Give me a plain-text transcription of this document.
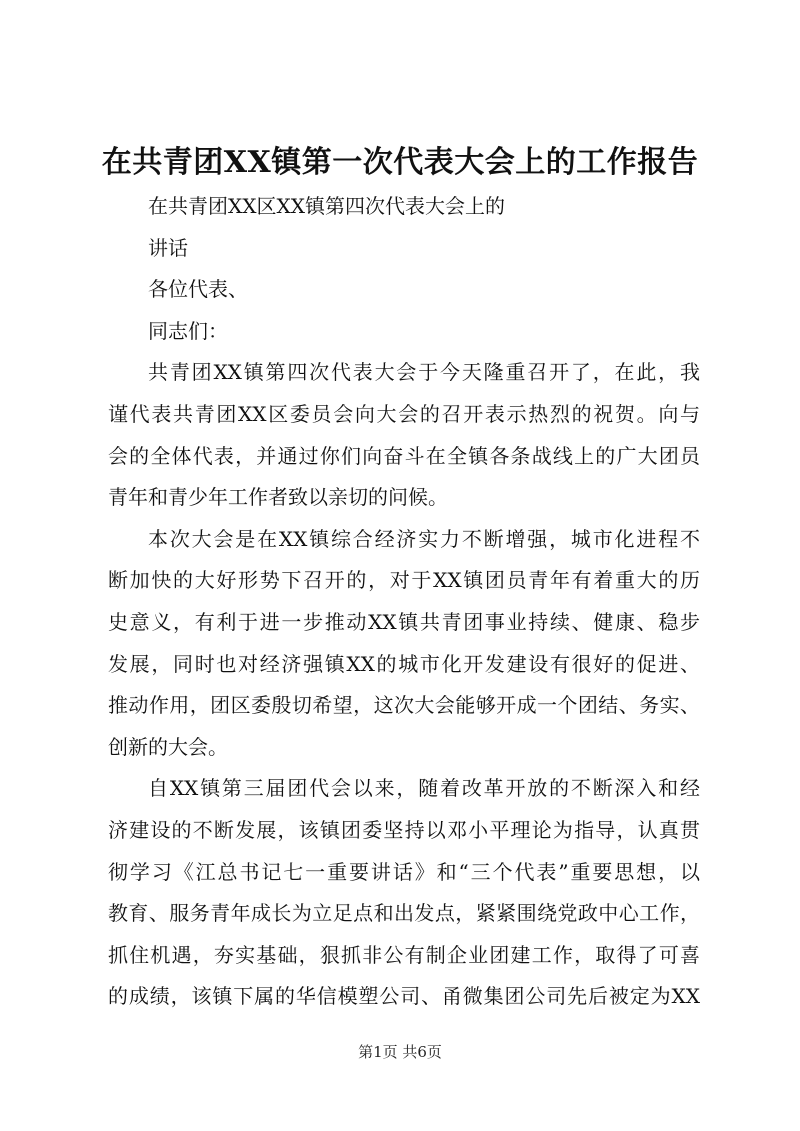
在共青团XX镇第一次代表大会上的工作报告
在共青团XX区XX镇第四次代表大会上的
讲话
各位代表、
同志们：
共青团XX镇第四次代表大会于今天隆重召开了，在此，我
谨代表共青团XX区委员会向大会的召开表示热烈的祝贺。向与
会的全体代表，并通过你们向奋斗在全镇各条战线上的广大团员
青年和青少年工作者致以亲切的问候。
本次大会是在XX镇综合经济实力不断增强，城市化进程不
断加快的大好形势下召开的，对于XX镇团员青年有着重大的历
史意义，有利于进一步推动XX镇共青团事业持续、健康、稳步
发展，同时也对经济强镇XX的城市化开发建设有很好的促进、
推动作用，团区委殷切希望，这次大会能够开成一个团结、务实、
创新的大会。
自XX镇第三届团代会以来，随着改革开放的不断深入和经
济建设的不断发展，该镇团委坚持以邓小平理论为指导，认真贯
彻学习《江总书记七一重要讲话》和“三个代表”重要思想，以
教育、服务青年成长为立足点和出发点，紧紧围绕党政中心工作，
抓住机遇，夯实基础，狠抓非公有制企业团建工作，取得了可喜
的成绩，该镇下属的华信模塑公司、甬微集团公司先后被定为XX
第1页 共6页
